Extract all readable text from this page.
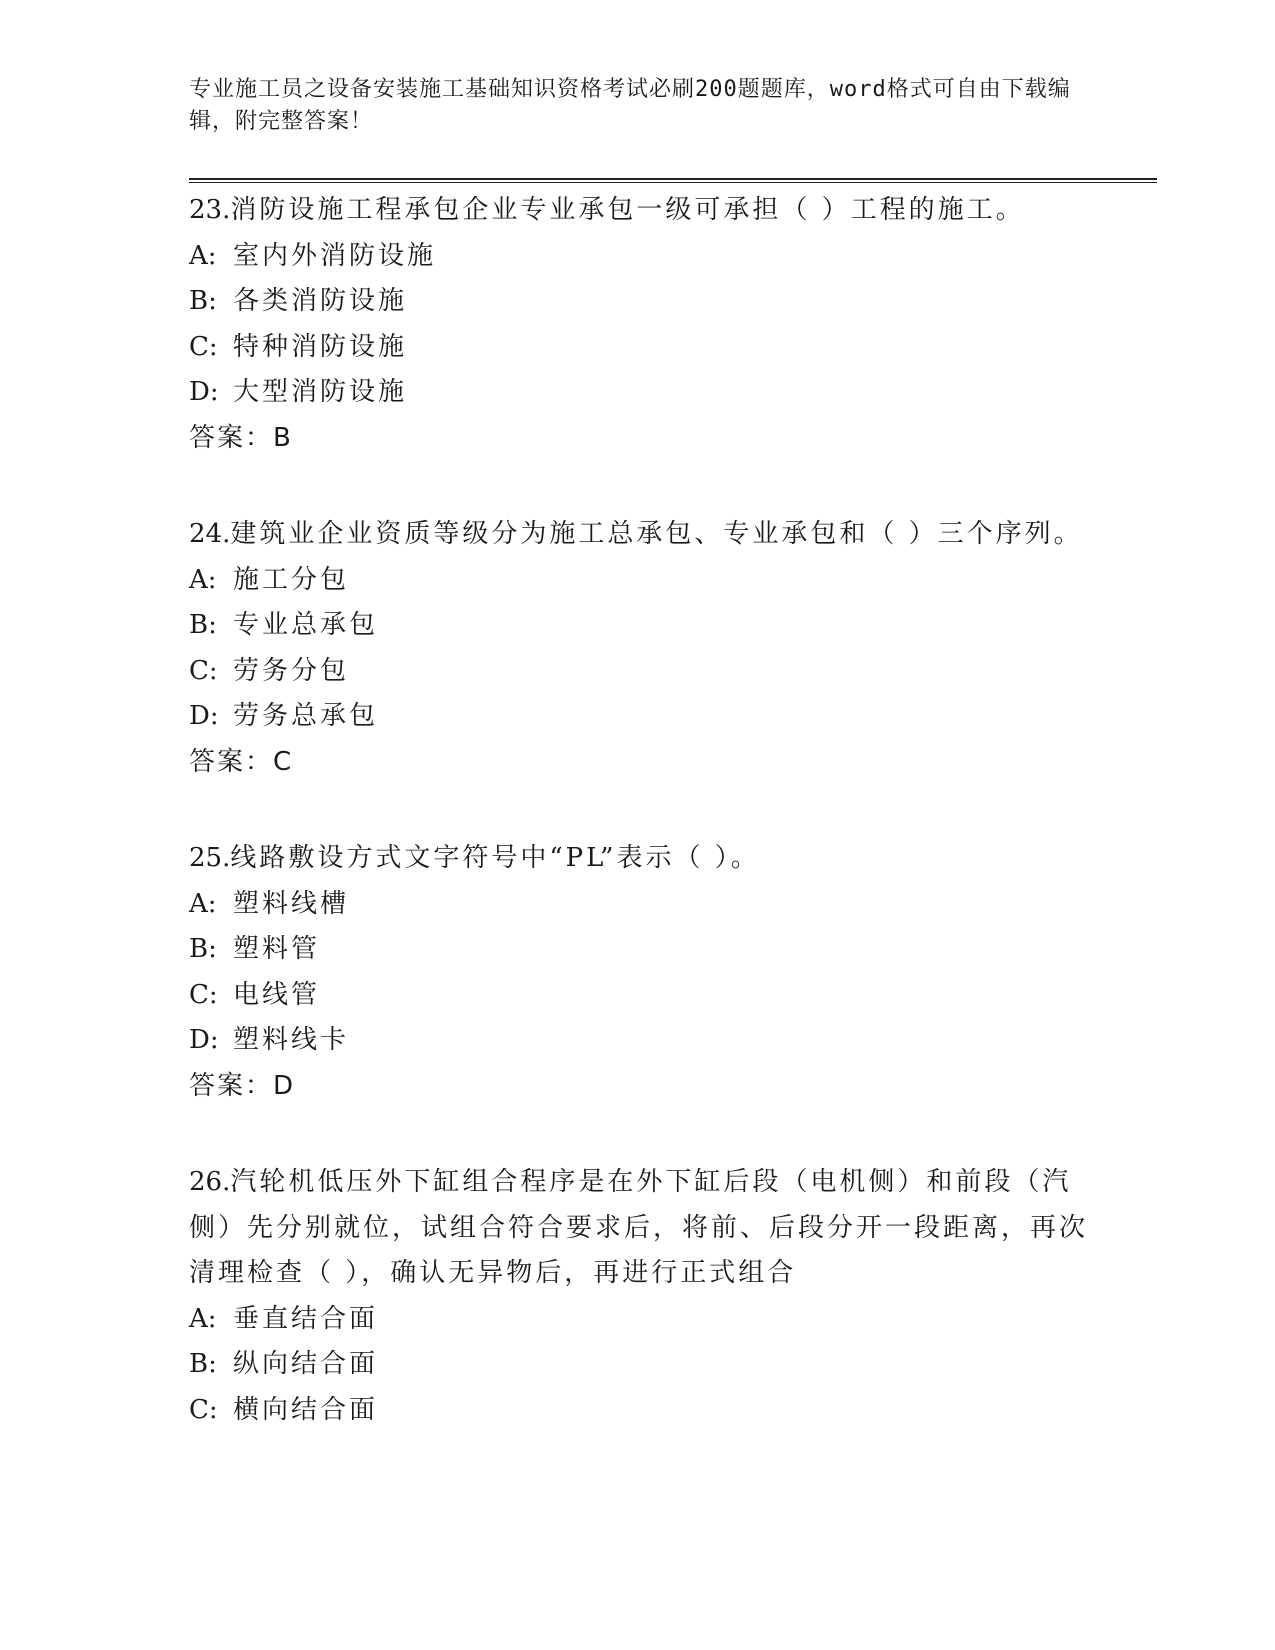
专业施工员之设备安装施工基础知识资格考试必刷200题题库，word格式可自由下载编辑，附完整答案！

23.消防设施工程承包企业专业承包一级可承担（ ）工程的施工。

A: 室内外消防设施

B: 各类消防设施

C: 特种消防设施

D: 大型消防设施

答案：B

24.建筑业企业资质等级分为施工总承包、专业承包和（ ）三个序列。

A: 施工分包

B: 专业总承包

C: 劳务分包

D: 劳务总承包

答案：C

25.线路敷设方式文字符号中“PL”表示（ ）。

A: 塑料线槽

B: 塑料管

C: 电线管

D: 塑料线卡

答案：D

26.汽轮机低压外下缸组合程序是在外下缸后段（电机侧）和前段（汽侧）先分别就位，试组合符合要求后，将前、后段分开一段距离，再次清理检查（ ），确认无异物后，再进行正式组合

A: 垂直结合面

B: 纵向结合面

C: 横向结合面
